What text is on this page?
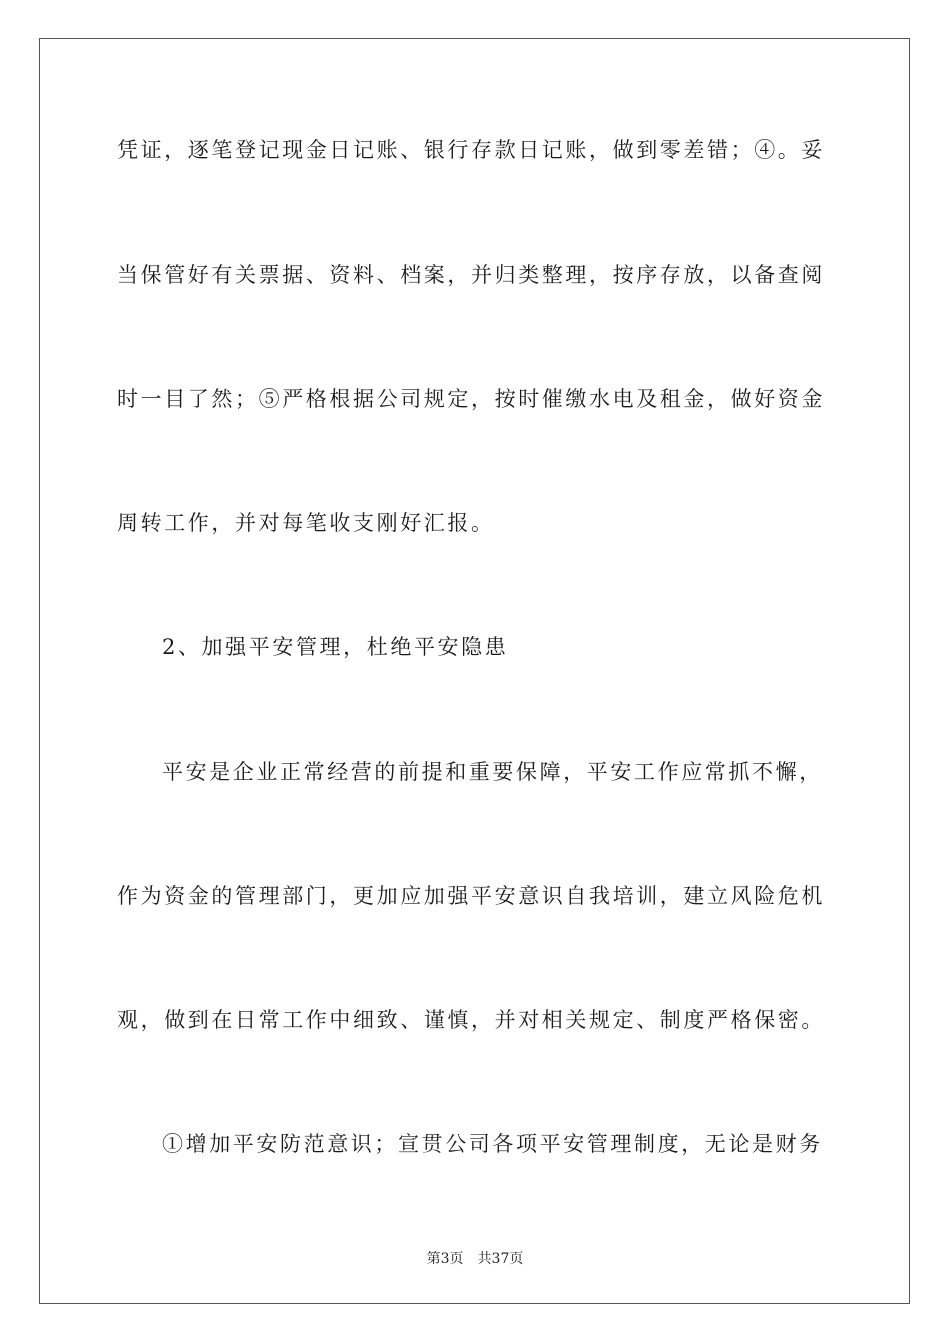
凭证，逐笔登记现金日记账、银行存款日记账，做到零差错；④。妥
当保管好有关票据、资料、档案，并归类整理，按序存放，以备查阅
时一目了然；⑤严格根据公司规定，按时催缴水电及租金，做好资金
周转工作，并对每笔收支刚好汇报。
2、加强平安管理，杜绝平安隐患
平安是企业正常经营的前提和重要保障，平安工作应常抓不懈，
作为资金的管理部门，更加应加强平安意识自我培训，建立风险危机
观，做到在日常工作中细致、谨慎，并对相关规定、制度严格保密。
①增加平安防范意识；宣贯公司各项平安管理制度，无论是财务
第3页 共37页
